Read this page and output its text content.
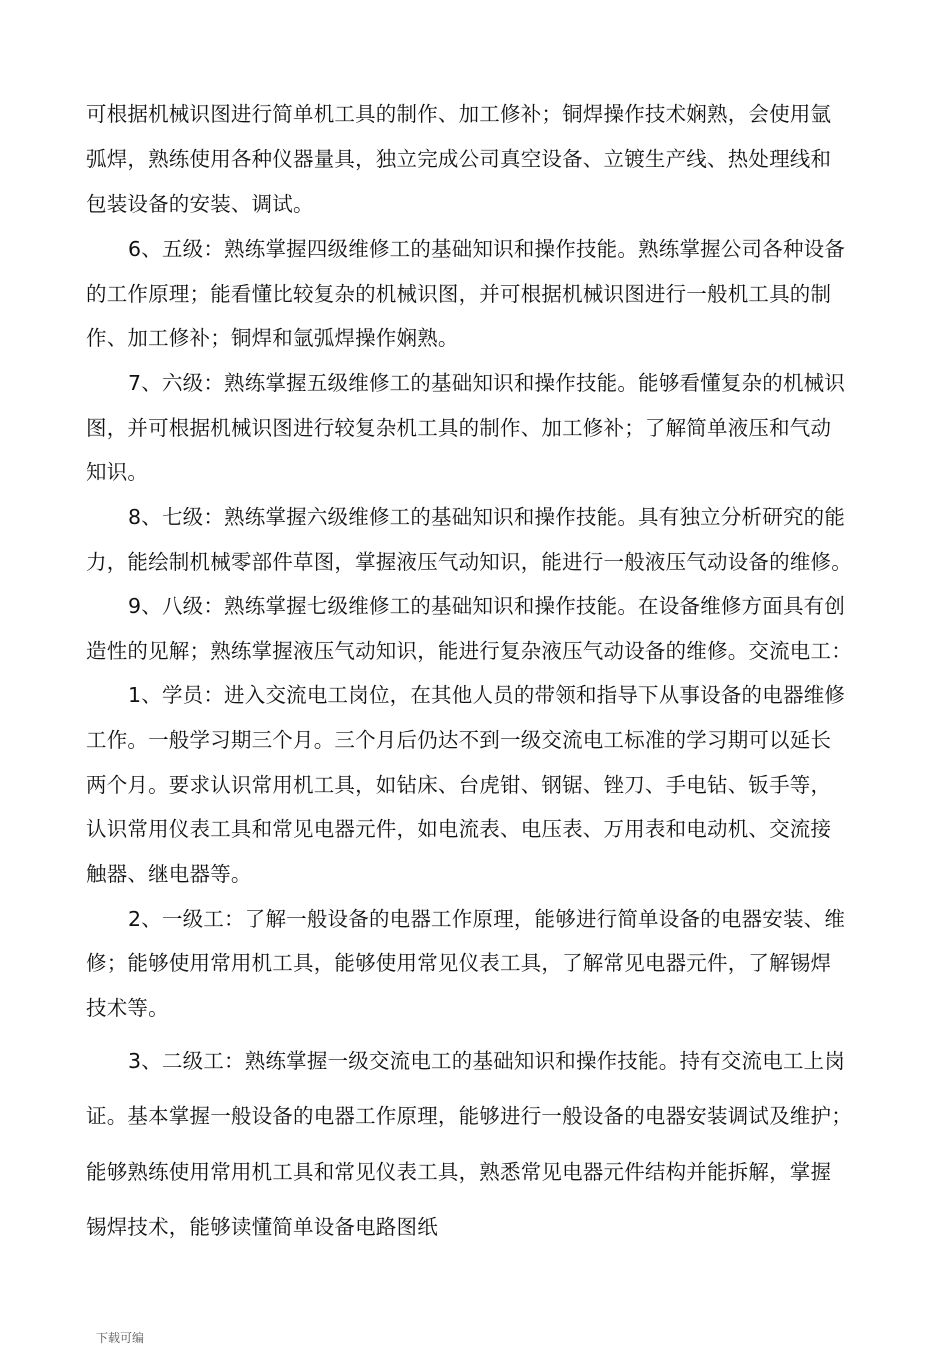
可根据机械识图进行简单机工具的制作、加工修补；铜焊操作技术娴熟，会使用氩
弧焊，熟练使用各种仪器量具，独立完成公司真空设备、立镀生产线、热处理线和
包装设备的安装、调试。
6、五级：熟练掌握四级维修工的基础知识和操作技能。熟练掌握公司各种设备
的工作原理；能看懂比较复杂的机械识图，并可根据机械识图进行一般机工具的制
作、加工修补；铜焊和氩弧焊操作娴熟。
7、六级：熟练掌握五级维修工的基础知识和操作技能。能够看懂复杂的机械识
图，并可根据机械识图进行较复杂机工具的制作、加工修补；了解简单液压和气动
知识。
8、七级：熟练掌握六级维修工的基础知识和操作技能。具有独立分析研究的能
力，能绘制机械零部件草图，掌握液压气动知识，能进行一般液压气动设备的维修。
9、八级：熟练掌握七级维修工的基础知识和操作技能。在设备维修方面具有创
造性的见解；熟练掌握液压气动知识，能进行复杂液压气动设备的维修。交流电工：
1、学员：进入交流电工岗位，在其他人员的带领和指导下从事设备的电器维修
工作。一般学习期三个月。三个月后仍达不到一级交流电工标准的学习期可以延长
两个月。要求认识常用机工具，如钻床、台虎钳、钢锯、锉刀、手电钻、钣手等，
认识常用仪表工具和常见电器元件，如电流表、电压表、万用表和电动机、交流接
触器、继电器等。
2、一级工：了解一般设备的电器工作原理，能够进行简单设备的电器安装、维
修；能够使用常用机工具，能够使用常见仪表工具，了解常见电器元件，了解锡焊
技术等。
3、二级工：熟练掌握一级交流电工的基础知识和操作技能。持有交流电工上岗
证。基本掌握一般设备的电器工作原理，能够进行一般设备的电器安装调试及维护；
能够熟练使用常用机工具和常见仪表工具，熟悉常见电器元件结构并能拆解，掌握
锡焊技术，能够读懂简单设备电路图纸
下载可编
